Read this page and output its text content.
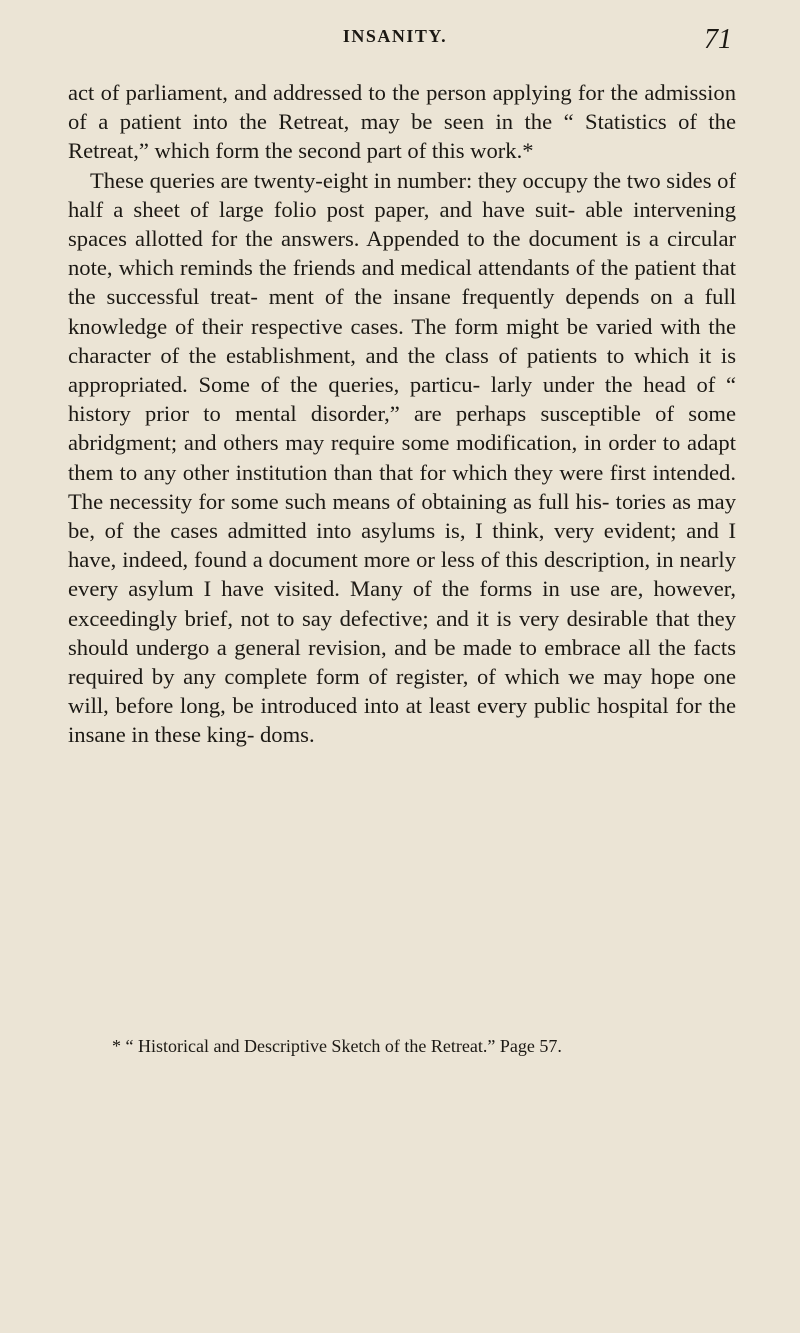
INSANITY.	71

act of parliament, and addressed to the person applying for the admission of a patient into the Retreat, may be seen in the “ Statistics of the Retreat,” which form the second part of this work.*

These queries are twenty-eight in number: they occupy the two sides of half a sheet of large folio post paper, and have suit- able intervening spaces allotted for the answers. Appended to the document is a circular note, which reminds the friends and medical attendants of the patient that the successful treat- ment of the insane frequently depends on a full knowledge of their respective cases. The form might be varied with the character of the establishment, and the class of patients to which it is appropriated. Some of the queries, particu- larly under the head of “ history prior to mental disorder,” are perhaps susceptible of some abridgment; and others may require some modification, in order to adapt them to any other institution than that for which they were first intended. The necessity for some such means of obtaining as full his- tories as may be, of the cases admitted into asylums is, I think, very evident; and I have, indeed, found a document more or less of this description, in nearly every asylum I have visited. Many of the forms in use are, however, exceedingly brief, not to say defective; and it is very desirable that they should undergo a general revision, and be made to embrace all the facts required by any complete form of register, of which we may hope one will, before long, be introduced into at least every public hospital for the insane in these king- doms.

* “ Historical and Descriptive Sketch of the Retreat.” Page 57.
